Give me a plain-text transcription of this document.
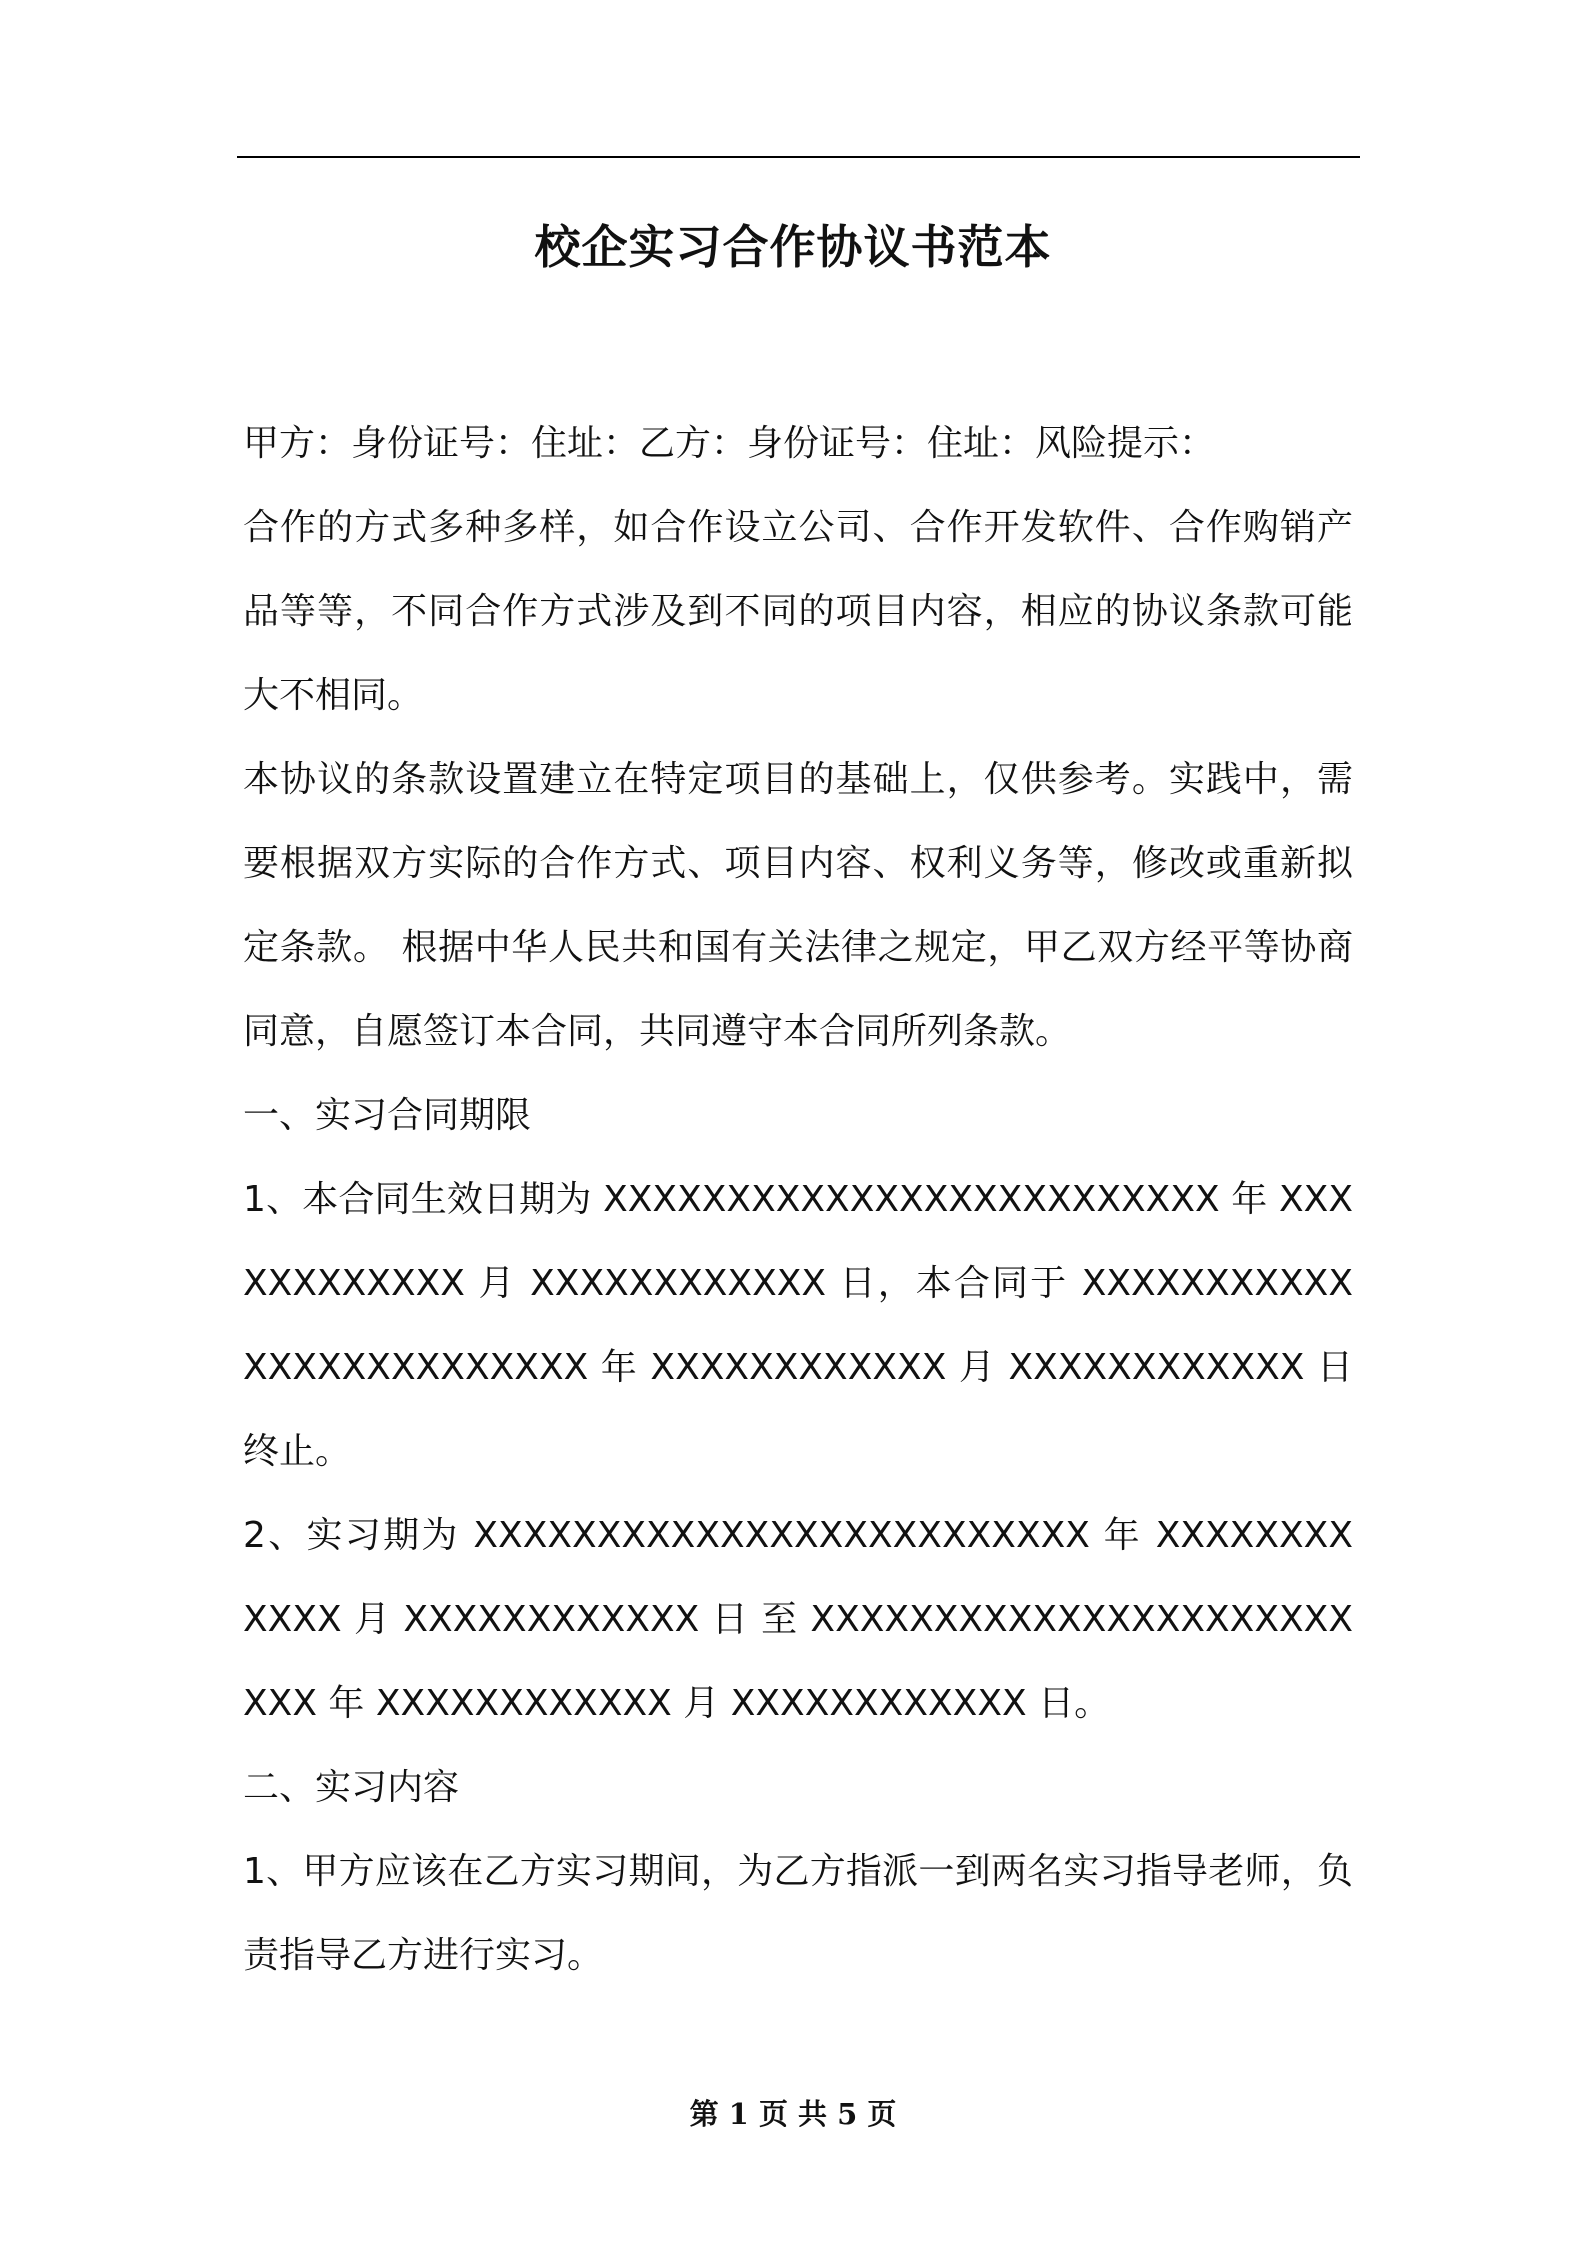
校企实习合作协议书范本

甲方：身份证号：住址：乙方：身份证号：住址：风险提示：

合作的方式多种多样，如合作设立公司、合作开发软件、合作购销产品等等，不同合作方式涉及到不同的项目内容，相应的协议条款可能大不相同。

本协议的条款设置建立在特定项目的基础上，仅供参考。实践中，需要根据双方实际的合作方式、项目内容、权利义务等，修改或重新拟定条款。 根据中华人民共和国有关法律之规定，甲乙双方经平等协商同意，自愿签订本合同，共同遵守本合同所列条款。

一、实习合同期限

1、本合同生效日期为 XXXXXXXXXXXXXXXXXXXXXXXXX 年 XXXXXXXXXXXX 月 XXXXXXXXXXXX 日，本合同于 XXXXXXXXXXXXXXXXXXXXXXXXX 年 XXXXXXXXXXXX 月 XXXXXXXXXXXX 日终止。

2、实习期为 XXXXXXXXXXXXXXXXXXXXXXXXX 年 XXXXXXXXXXXX 月 XXXXXXXXXXXX 日 至 XXXXXXXXXXXXXXXXXXXXXXXXX 年 XXXXXXXXXXXX 月 XXXXXXXXXXXX 日。

二、实习内容

1、甲方应该在乙方实习期间，为乙方指派一到两名实习指导老师，负责指导乙方进行实习。

第 1 页 共 5 页
